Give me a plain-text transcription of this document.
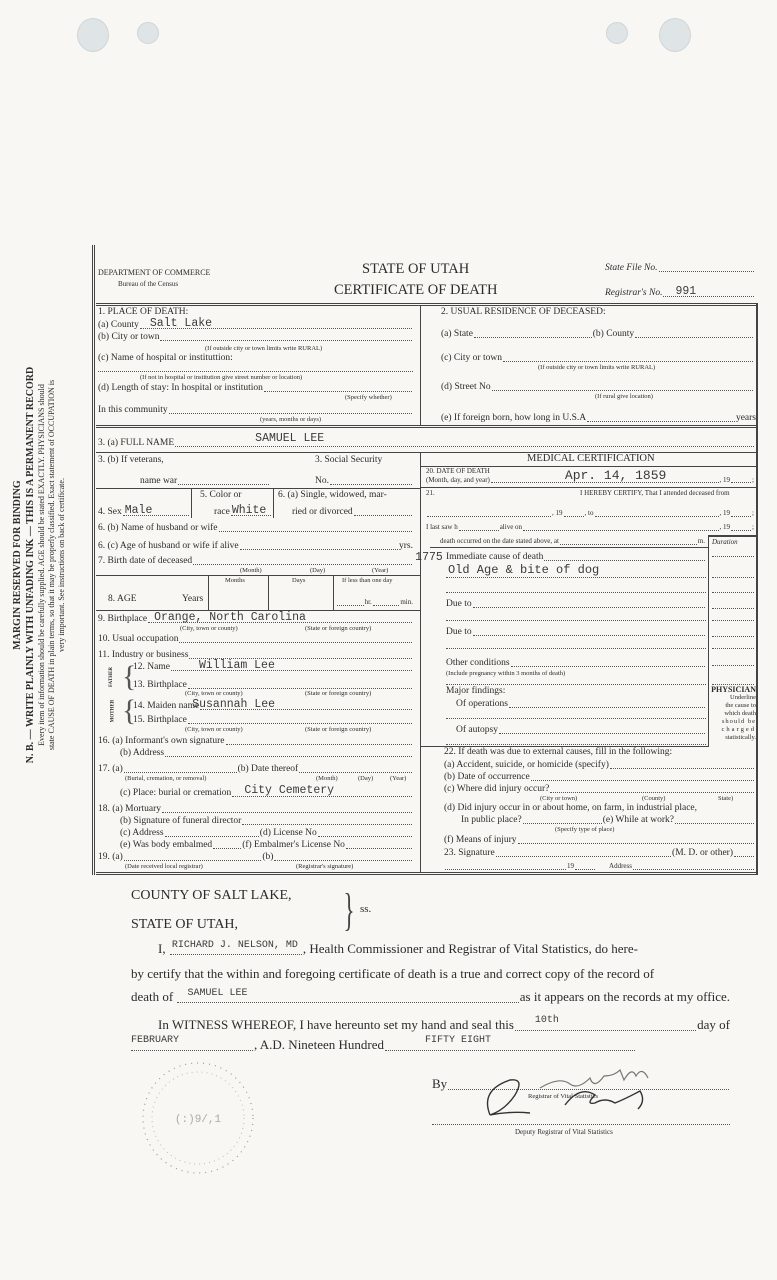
MARGIN RESERVED FOR BINDING N. B. — WRITE PLAINLY WITH UNFADING INK — THIS IS A PERMANENT RECORD Every item of information should be carefully supplied. AGE should be stated EXACTLY. PHYSICIANS should state CAUSE OF DEATH in plain terms, so that it may be properly classified. Exact statement of OCCUPATION is very important. See instructions on back of certificate.
DEPARTMENT OF COMMERCE
Bureau of the Census
STATE OF UTAH
CERTIFICATE OF DEATH
State File No.
Registrar's No. 991
1. PLACE OF DEATH:
(a) County Salt Lake
(b) City or town
(If outside city or town limits write RURAL)
(c) Name of hospital or instituttion:
(If not in hospital or institution give street number or location)
(d) Length of stay: In hospital or institution
(Specify whether)
In this community
(years, months or days)
2. USUAL RESIDENCE OF DECEASED:
(a) State	(b) County
(c) City or town
(If outside city or town limits write RURAL)
(d) Street No
(If rural give location)
(e) If foreign born, how long in U.S.A	years
3. (a) FULL NAME	SAMUEL LEE
3. (b) If veterans,	3. Social Security
name war	No.
5. Color or	6. (a) Single, widowed, mar-
4. Sex Male	race White	ried or divorced
6. (b) Name of husband or wife
6. (c) Age of husband or wife if alive	yrs.
7. Birth date of deceased	1775
(Month)	(Day)	(Year)
Months	Days	If less than one day
8. AGE	Years	hr.	min.
9. Birthplace Orange, North Carolina
(City, town or county)	(State or foreign country)
10. Usual occupation
11. Industry or business
FATHER
MOTHER
{
{
12. Name	William Lee
13. Birthplace
(City, town or county)	(State or foreign country)
14. Maiden name
Susannah Lee
15. Birthplace
(City, town or county)	(State or foreign country)
16. (a) Informant's own signature
(b) Address
17. (a)	(b) Date thereof
(Burial, cremation, or removal)	(Month)	(Day)	(Year)
(c) Place: burial or cremation City Cemetery
18. (a) Mortuary
(b) Signature of funeral director
(c) Address	(d) License No
(e) Was body embalmed	(f) Embalmer's License No
19. (a)	(b)
(Date received local registrar)	(Registrar's signature)
MEDICAL CERTIFICATION
20. DATE OF DEATH
(Month, day, and year)	Apr. 14, 1859	, 19	;
21.	I HEREBY CERTIFY, That I attended deceased from
, 19	, to	, 19	;
I last saw h	alive on	, 19	;
death occurred on the date stated above, at	m. Duration
Immediate cause of death
Old Age & bite of dog
Due to
Due to
Other conditions
(Include pregnancy within 3 months of death)
Major findings:
Of operations
Of autopsy
PHYSICIAN
Underline
the cause to
which death
should be
charged
statistically.
22. If death was due to external causes, fill in the following:
(a) Accident, suicide, or homicide (specify)
(b) Date of occurrence
(c) Where did injury occur?
(City or town)	(County)	State)
(d) Did injury occur in or about home, on farm, in industrial place,
In public place?	(e) While at work?
(Specify type of place)
(f) Means of injury
23. Signature	(M. D. or other)
19	Address
COUNTY OF SALT LAKE,
STATE OF UTAH, } ss.
I,
RICHARD J. NELSON, MD , Health Commissioner and Registrar of Vital Statistics, do here-
by certify that the within and foregoing certificate of death is a true and correct copy of the record of
death of
SAMUEL LEE	as it appears on the records at my office.
In WITNESS WHEREOF, I have hereunto set my hand and seal this 10th	day of
FEBRUARY	, A.D. Nineteen Hundred	FIFTY EIGHT
(:)9/,1
By
Registrar of Vital Statistics
Deputy Registrar of Vital Statistics
